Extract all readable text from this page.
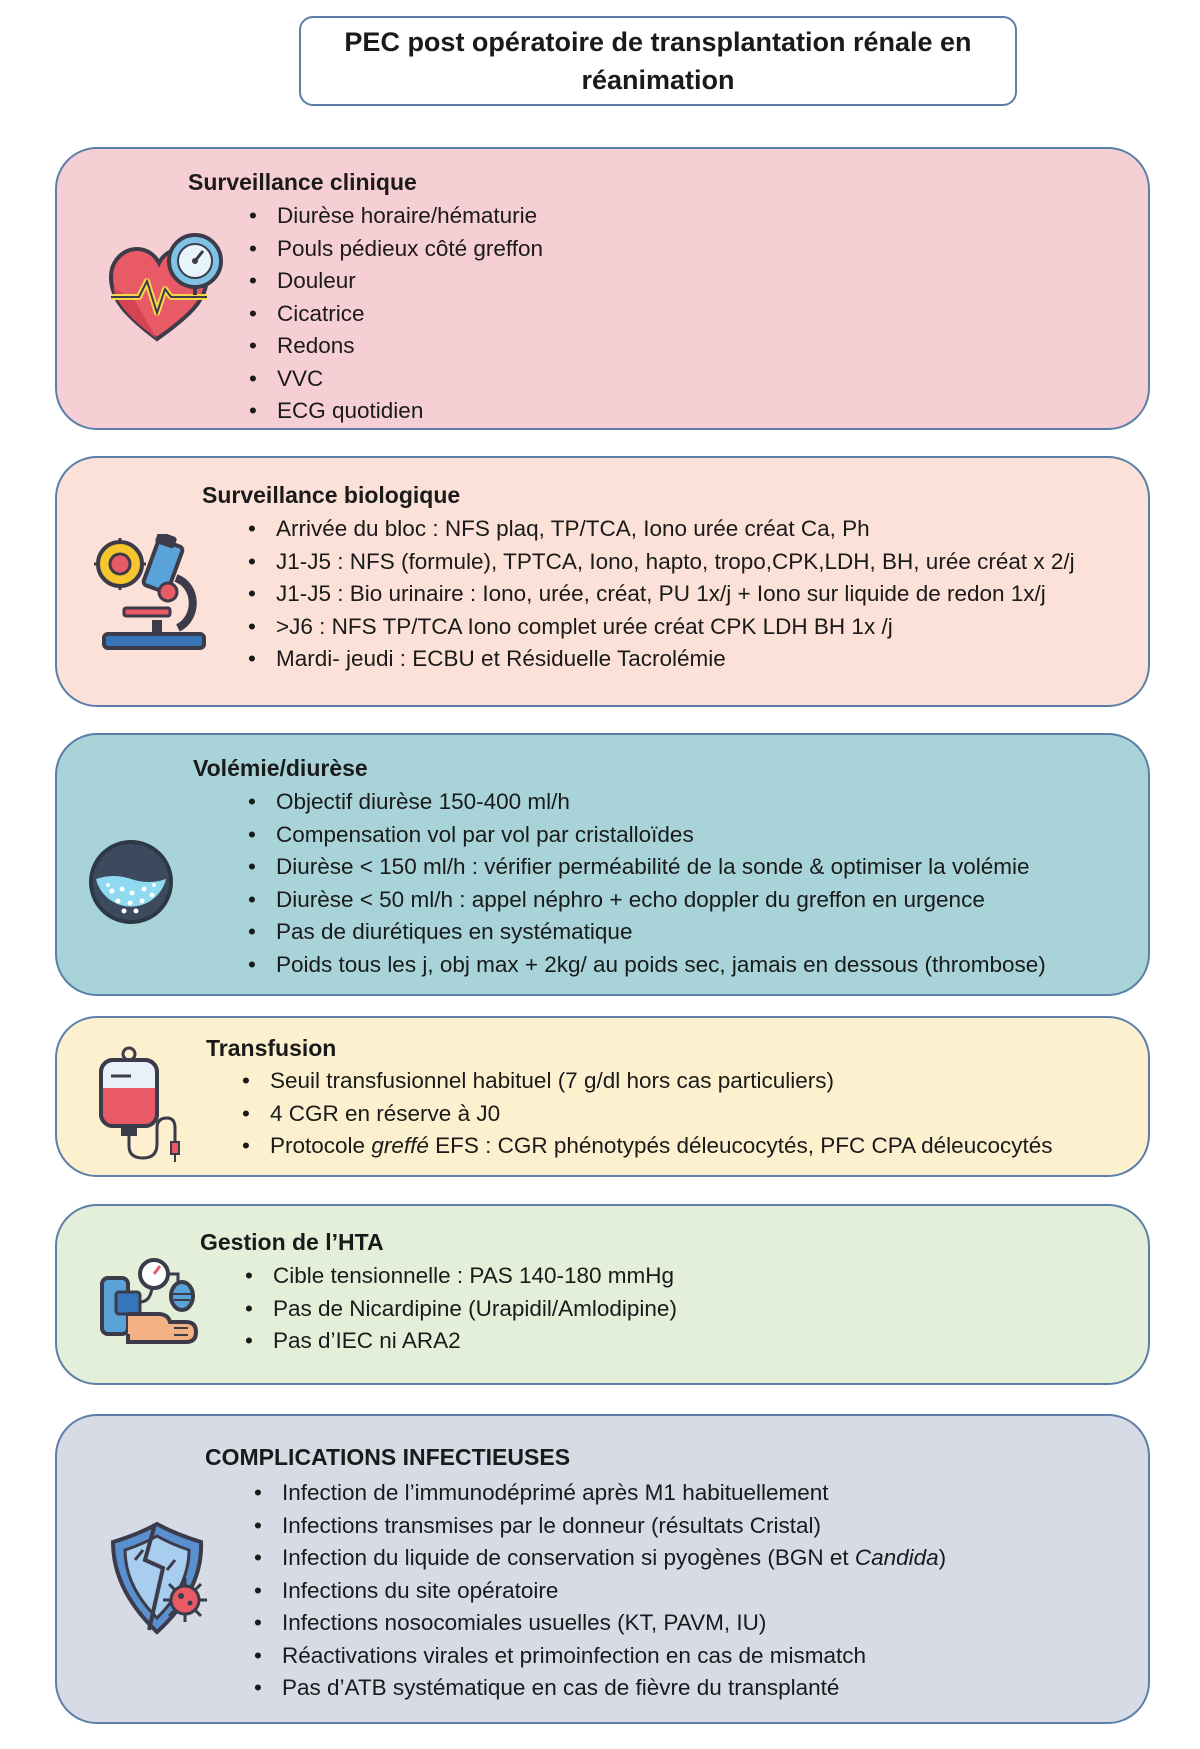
PEC post opératoire de transplantation rénale en réanimation
Surveillance clinique
• Diurèse horaire/hématurie
• Pouls pédieux côté greffon
• Douleur
• Cicatrice
• Redons
• VVC
• ECG quotidien
Surveillance biologique
• Arrivée du bloc : NFS plaq, TP/TCA, Iono urée créat Ca, Ph
• J1-J5 : NFS (formule), TPTCA, Iono, hapto, tropo,CPK,LDH, BH, urée créat x 2/j
• J1-J5 : Bio urinaire : Iono, urée, créat, PU 1x/j + Iono sur liquide de redon 1x/j
• >J6 : NFS TP/TCA Iono complet urée créat CPK LDH BH 1x /j
• Mardi- jeudi : ECBU et Résiduelle Tacrolémie
Volémie/diurèse
• Objectif diurèse 150-400 ml/h
• Compensation vol par vol par cristalloïdes
• Diurèse < 150 ml/h : vérifier perméabilité de la sonde & optimiser la volémie
• Diurèse < 50 ml/h : appel néphro + echo doppler du greffon en urgence
• Pas de diurétiques en systématique
• Poids tous les j, obj max + 2kg/ au poids sec, jamais en dessous (thrombose)
Transfusion
• Seuil transfusionnel habituel (7 g/dl hors cas particuliers)
• 4 CGR en réserve à J0
• Protocole greffé EFS : CGR phénotypés déleucocytés, PFC CPA déleucocytés
Gestion de l’HTA
• Cible tensionnelle : PAS 140-180 mmHg
• Pas de Nicardipine (Urapidil/Amlodipine)
• Pas d’IEC ni ARA2
COMPLICATIONS INFECTIEUSES
• Infection de l’immunodéprimé après M1 habituellement
• Infections transmises par le donneur (résultats Cristal)
• Infection du liquide de conservation si pyogènes (BGN et Candida)
• Infections du site opératoire
• Infections nosocomiales usuelles (KT, PAVM, IU)
• Réactivations virales et primoinfection en cas de mismatch
• Pas d’ATB systématique en cas de fièvre du transplanté
